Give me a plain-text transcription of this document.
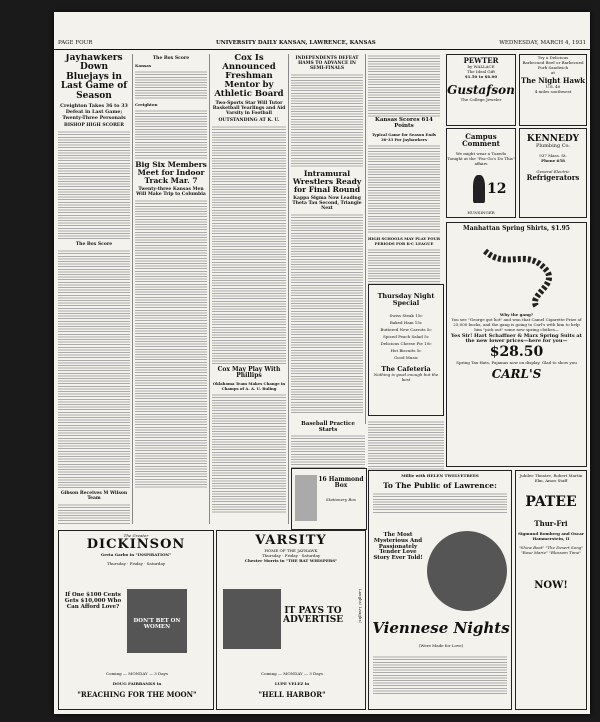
PAGE FOUR	UNIVERSITY DAILY KANSAN, LAWRENCE, KANSAS	WEDNESDAY, MARCH 4, 1931
Jayhawkers Down Bluejays in Last Game of Season
Creighton Takes 36 to 33 Defeat in Last Game; Twenty-Three Personals
BISHOP HIGH SCORER
The Box Score
Gibson Receives M Wilson Team
The Box Score
Kansas
Creighton
Big Six Members Meet for Indoor Track Mar. 7
Twenty-three Kansas Men Will Make Trip to Columbia
Cox Is Announced Freshman Mentor by Athletic Board
Two-Sports Star Will Tutor Basketball Yearlings and Aid Varsity in Football
OUTSTANDING AT K. U.
Cox May Play With Phillips
Oklahoma Team Makes Change in Champs of A. A. U. Ruling
INDEPENDENTS DEFEAT HAMS TO ADVANCE IN SEMI-FINALS
Intramural Wrestlers Ready for Final Round
Kappa Sigma Now Leading Theta Tau Second, Triangle Next
Kansas Scores 614 Points
Typical Game for Season Ends 36-33 For Jayhawkers
HIGH SCHOOLS MAY PLAY FOUR PERIODS FOR K-C LEAGUE
Thursday Night Special
Swiss Steak 15c
Baked Ham 15c
Buttered New Carrots 5c
Spiced Peach Salad 5c
Delicious Cheese Pie 10c
Hot Biscuits 5c
Good Music
The Cafeteria
Nothing is good enough but the best
Baseball Practice Starts
16 Hammond Box
Stationery Box
PEWTER
by WALLACE
The Ideal Gift
$1.50 to $6.00
Gustafson
The College Jeweler
Try a Delicious
Barbecued Beef or Barbecued Pork Sandwich
at
The Night Hawk
U.S. 40
4 miles southwest
Campus Comment
We might wear a Tuxedo
Tonight at the "Fac-Go's Do This" affairs
12
HUNSINGER
KENNEDY
Plumbing Co.
937 Mass. St.
Phone 658
General Electric
Refrigerators
Manhattan Spring Shirts, $1.95
Why the gang?
You see "George got hot" and won that Camel Cigarette Prize of 25,000 bucks, and the gang is going to Carl's with him to help him "pick out" some new spring clothes—
Yes Sir! Hart Schaffner & Marx Spring Suits at the new lower prices—here for you—
$28.50
Spring Tax Hats, Pajamas now on display. Glad to show you
CARL'S
Millie with HELEN TWELVETREES
To The Public of Lawrence:
The Most Mysterious And Passionately Tender Love Story Ever Told!
Viennese Nights
(Were Made for Love)
Jubilee Theatre, Robert Martin Elm, Amos Staff
PATEE
Thur-Fri
Sigmund Romberg and Oscar Hammerstein, II
"Show Boat" "The Desert Song" "Rose Marie" "Blossom Time"
NOW!
The Greater
DICKINSON
Greta Garbo in "INSPIRATION"
Thursday · Friday · Saturday
If One $100 Cents Gets $10,000 Who Can Afford Love?
DON'T BET ON WOMEN
Coming — MONDAY — 3 Days
DOUG FAIRBANKS in
"REACHING FOR THE MOON"
VARSITY
HOME OF THE JAYHAWK
Thursday · Friday · Saturday
Chester Morris in "THE BAT WHISPERS"
IT PAYS TO ADVERTISE	Laughs! Laughs!
Coming — MONDAY — 3 Days
LUPE VELEZ in
"HELL HARBOR"
